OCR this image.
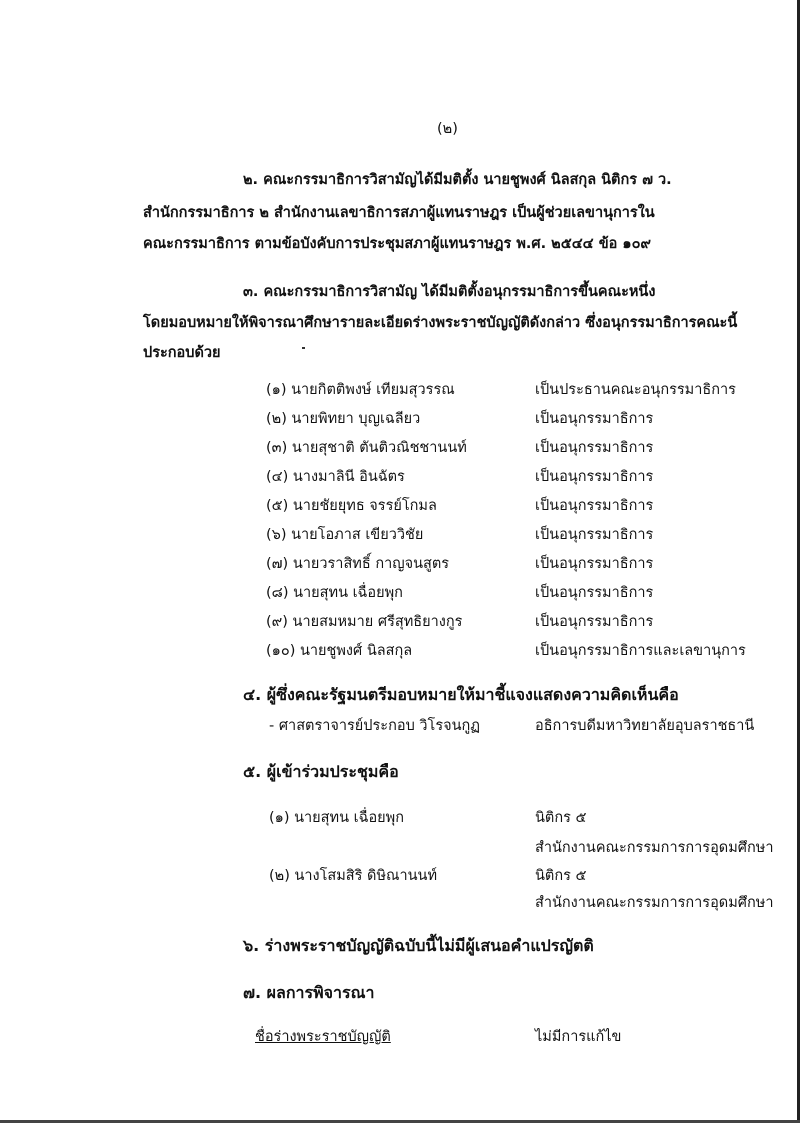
(๒)
๒. คณะกรรมาธิการวิสามัญได้มีมติตั้ง นายชูพงศ์ นิลสกุล นิติกร ๗ ว.
สำนักกรรมาธิการ ๒ สำนักงานเลขาธิการสภาผู้แทนราษฎร เป็นผู้ช่วยเลขานุการใน
คณะกรรมาธิการ ตามข้อบังคับการประชุมสภาผู้แทนราษฎร พ.ศ. ๒๕๔๔ ข้อ ๑๐๙
๓. คณะกรรมาธิการวิสามัญ ได้มีมติตั้งอนุกรรมาธิการขึ้นคณะหนึ่ง
โดยมอบหมายให้พิจารณาศึกษารายละเอียดร่างพระราชบัญญัติดังกล่าว ซึ่งอนุกรรมาธิการคณะนี้
ประกอบด้วย
(๑) นายกิตติพงษ์ เทียมสุวรรณ	เป็นประธานคณะอนุกรรมาธิการ
(๒) นายพิทยา บุญเฉลียว	เป็นอนุกรรมาธิการ
(๓) นายสุชาติ ตันติวณิชชานนท์	เป็นอนุกรรมาธิการ
(๔) นางมาลินี อินฉัตร	เป็นอนุกรรมาธิการ
(๕) นายชัยยุทธ จรรย์โกมล	เป็นอนุกรรมาธิการ
(๖) นายโอภาส เขียววิชัย	เป็นอนุกรรมาธิการ
(๗) นายวราสิทธิ์ กาญจนสูตร	เป็นอนุกรรมาธิการ
(๘) นายสุทน เฉื่อยพุก	เป็นอนุกรรมาธิการ
(๙) นายสมหมาย ศรีสุทธิยางกูร	เป็นอนุกรรมาธิการ
(๑๐) นายชูพงศ์ นิลสกุล	เป็นอนุกรรมาธิการและเลขานุการ
๔. ผู้ซึ่งคณะรัฐมนตรีมอบหมายให้มาชี้แจงแสดงความคิดเห็นคือ
- ศาสตราจารย์ประกอบ วิโรจนกูฏ	อธิการบดีมหาวิทยาลัยอุบลราชธานี
๕. ผู้เข้าร่วมประชุมคือ
(๑) นายสุทน เฉื่อยพุก	นิติกร ๕
สำนักงานคณะกรรมการการอุดมศึกษา
(๒) นางโสมสิริ ดิษิณานนท์	นิติกร ๕
สำนักงานคณะกรรมการการอุดมศึกษา
๖. ร่างพระราชบัญญัติฉบับนี้ไม่มีผู้เสนอคำแปรญัตติ
๗. ผลการพิจารณา
ชื่อร่างพระราชบัญญัติ	ไม่มีการแก้ไข
